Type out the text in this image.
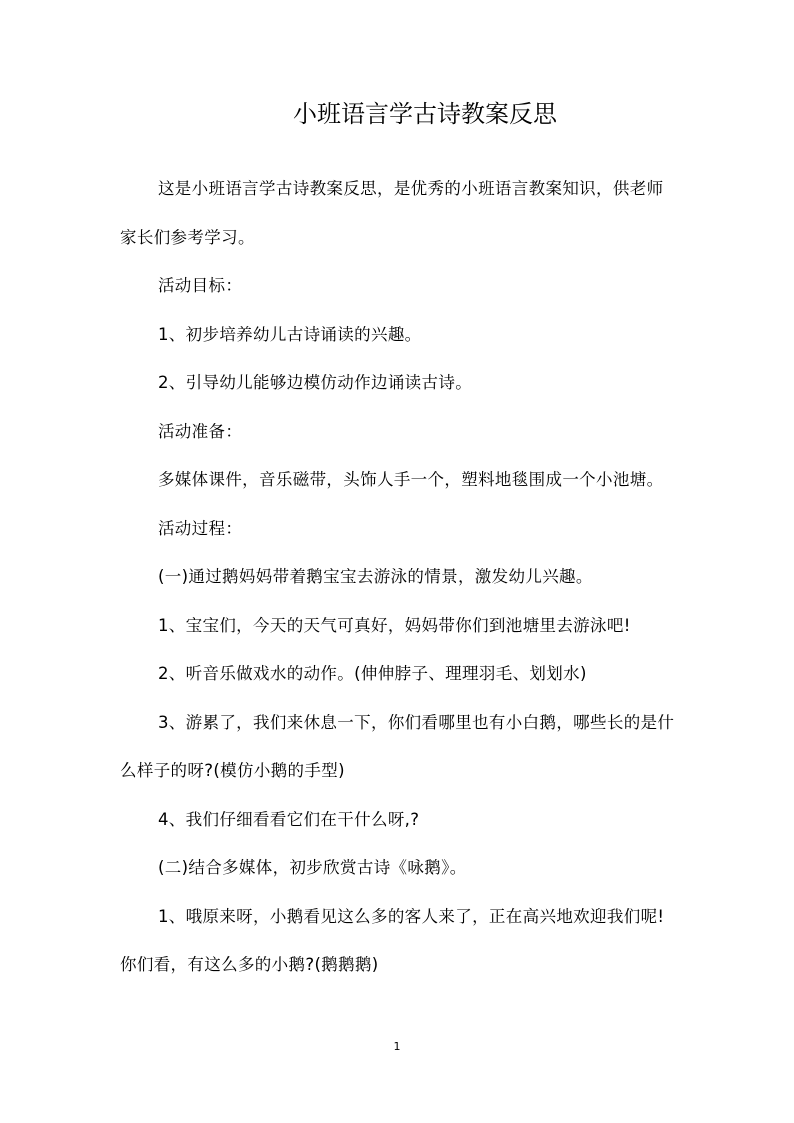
小班语言学古诗教案反思

这是小班语言学古诗教案反思，是优秀的小班语言教案知识，供老师家长们参考学习。

活动目标：

1、初步培养幼儿古诗诵读的兴趣。

2、引导幼儿能够边模仿动作边诵读古诗。

活动准备：

多媒体课件，音乐磁带，头饰人手一个，塑料地毯围成一个小池塘。

活动过程：

(一)通过鹅妈妈带着鹅宝宝去游泳的情景，激发幼儿兴趣。

1、宝宝们，今天的天气可真好，妈妈带你们到池塘里去游泳吧!

2、听音乐做戏水的动作。(伸伸脖子、理理羽毛、划划水)

3、游累了，我们来休息一下，你们看哪里也有小白鹅，哪些长的是什么样子的呀?(模仿小鹅的手型)

4、我们仔细看看它们在干什么呀,?

(二)结合多媒体，初步欣赏古诗《咏鹅》。

1、哦原来呀，小鹅看见这么多的客人来了，正在高兴地欢迎我们呢!你们看，有这么多的小鹅?(鹅鹅鹅)

1
